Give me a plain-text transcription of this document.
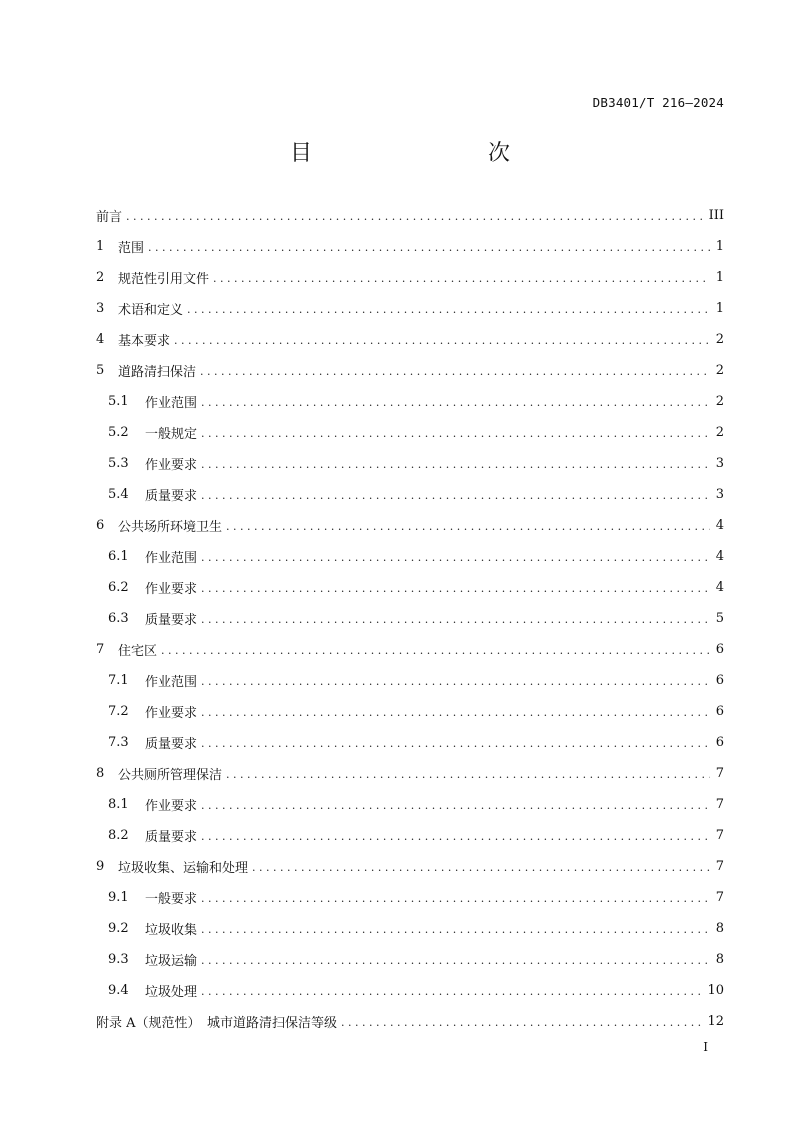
DB3401/T 216—2024
目　　次
前言 . . .	III
1	范围 . . .	1
2	规范性引用文件 . . .	1
3	术语和定义 . . .	1
4	基本要求 . . .	2
5	道路清扫保洁 . . .	2
5.1	作业范围 . . .	2
5.2	一般规定 . . .	2
5.3	作业要求 . . .	3
5.4	质量要求 . . .	3
6	公共场所环境卫生 . . .	4
6.1	作业范围 . . .	4
6.2	作业要求 . . .	4
6.3	质量要求 . . .	5
7	住宅区 . . .	6
7.1	作业范围 . . .	6
7.2	作业要求 . . .	6
7.3	质量要求 . . .	6
8	公共厕所管理保洁 . . .	7
8.1	作业要求 . . .	7
8.2	质量要求 . . .	7
9	垃圾收集、运输和处理 . . .	7
9.1	一般要求 . . .	7
9.2	垃圾收集 . . .	8
9.3	垃圾运输 . . .	8
9.4	垃圾处理 . . .	10
附录 A（规范性）　城市道路清扫保洁等级 . . .	12
I
